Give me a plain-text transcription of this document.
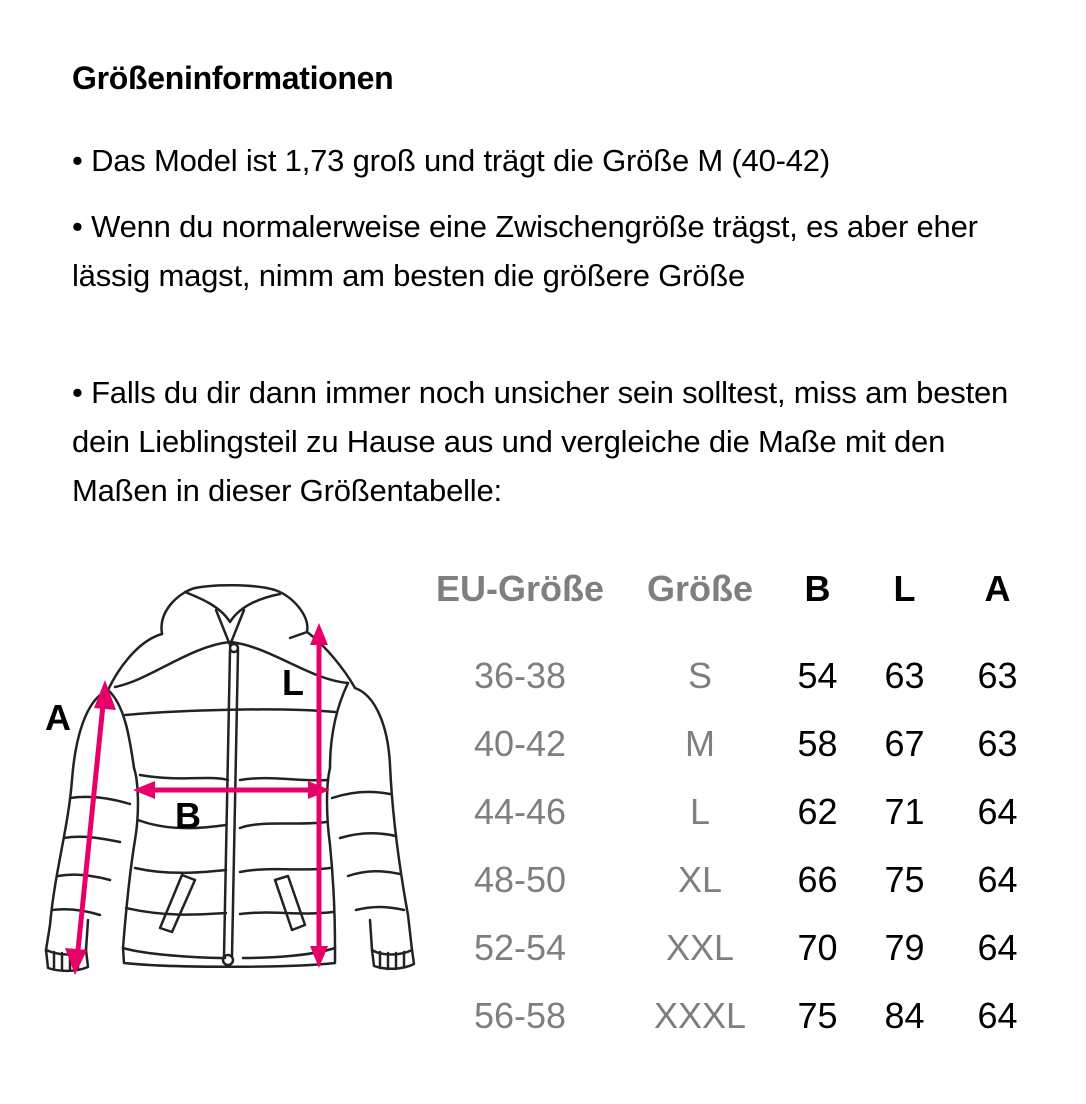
Größeninformationen
• Das Model ist 1,73 groß und trägt die Größe M (40-42)
• Wenn du normalerweise eine Zwischengröße trägst, es aber eher lässig magst, nimm am besten die größere Größe
• Falls du dir dann immer noch unsicher sein solltest, miss am besten dein Lieblingsteil zu Hause aus und vergleiche die Maße mit den Maßen in dieser Größentabelle:
A
B
L
EU-Größe	Größe	B	L	A
36-38	S	54	63	63
40-42	M	58	67	63
44-46	L	62	71	64
48-50	XL	66	75	64
52-54	XXL	70	79	64
56-58	XXXL	75	84	64
